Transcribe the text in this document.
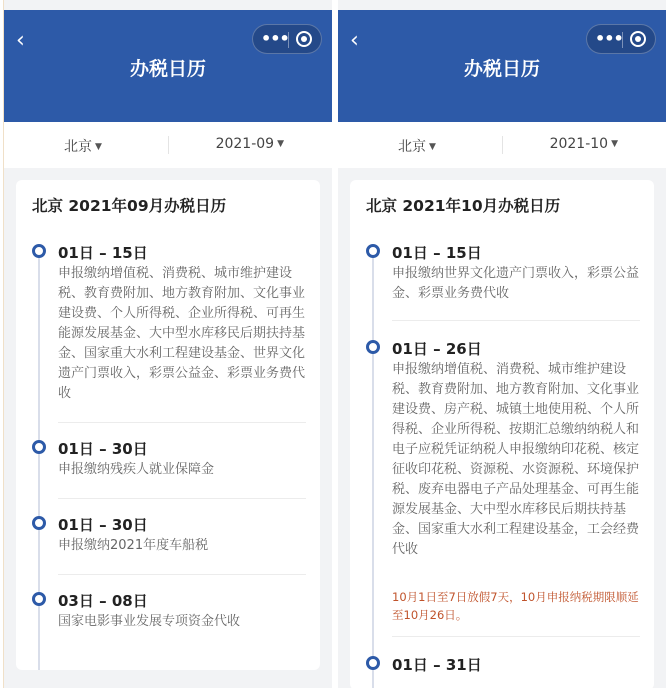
‹	•••
办税日历
北京 ▼	2021-09 ▼
北京 2021年09月办税日历
01日 – 15日
申报缴纳增值税、消费税、城市维护建设税、教育费附加、地方教育附加、文化事业建设费、个人所得税、企业所得税、可再生能源发展基金、大中型水库移民后期扶持基金、国家重大水利工程建设基金、世界文化遗产门票收入，彩票公益金、彩票业务费代收
01日 – 30日
申报缴纳残疾人就业保障金
01日 – 30日
申报缴纳2021年度车船税
03日 – 08日
国家电影事业发展专项资金代收
‹	•••
办税日历
北京 ▼	2021-10 ▼
北京 2021年10月办税日历
01日 – 15日
申报缴纳世界文化遗产门票收入，彩票公益金、彩票业务费代收
01日 – 26日
申报缴纳增值税、消费税、城市维护建设税、教育费附加、地方教育附加、文化事业建设费、房产税、城镇土地使用税、个人所得税、企业所得税、按期汇总缴纳纳税人和电子应税凭证纳税人申报缴纳印花税、核定征收印花税、资源税、水资源税、环境保护税、废弃电器电子产品处理基金、可再生能源发展基金、大中型水库移民后期扶持基金、国家重大水利工程建设基金，工会经费代收
10月1日至7日放假7天，10月申报纳税期限顺延至10月26日。
01日 – 31日
